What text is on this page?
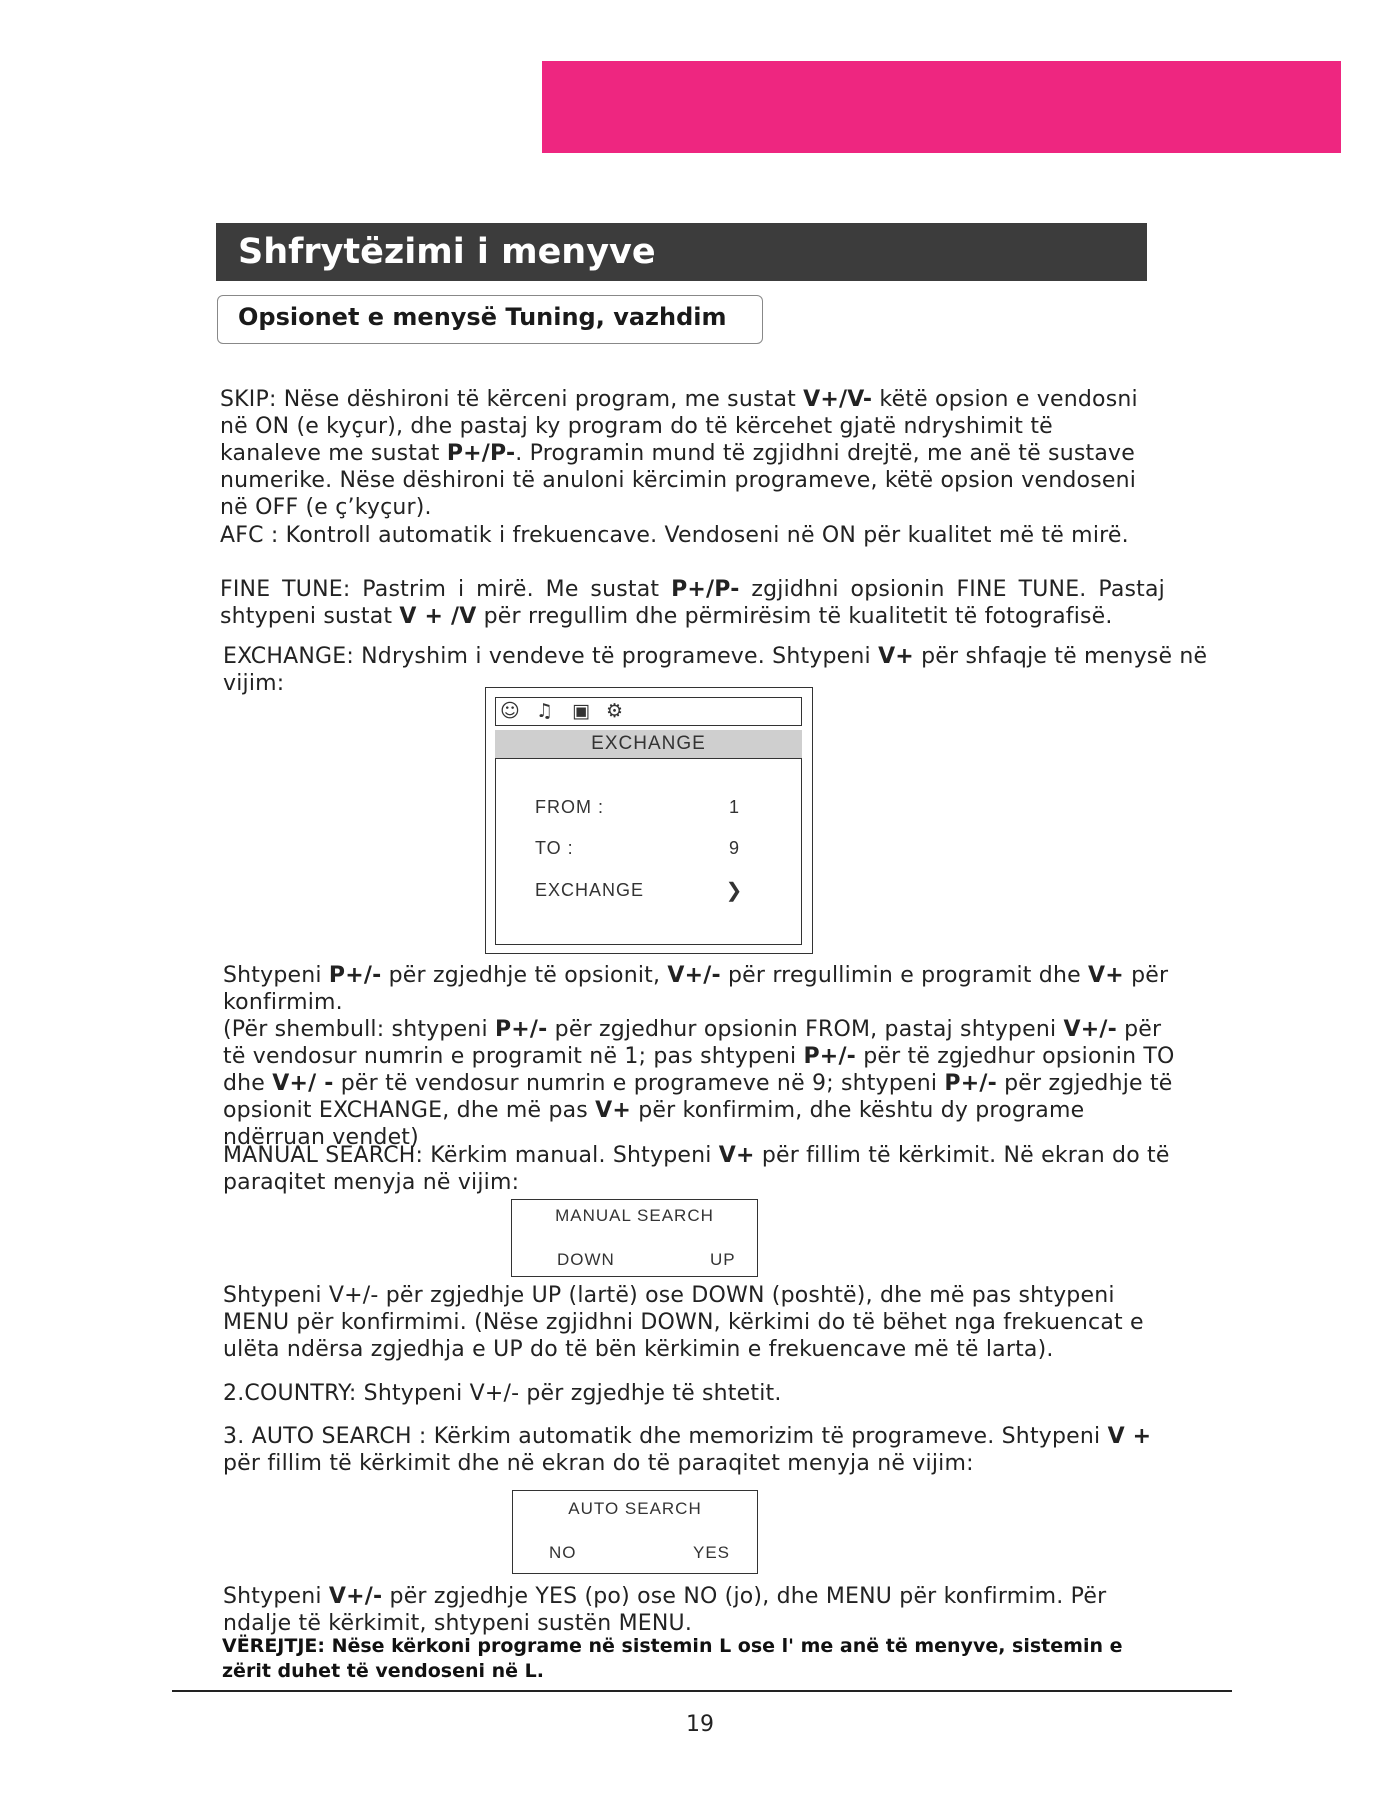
Shfrytëzimi i menyve
Opsionet e menysë Tuning, vazhdim

SKIP: Nëse dëshironi të kërceni program, me sustat V+/V- këtë opsion e vendosni në ON (e kyçur), dhe pastaj ky program do të kërcehet gjatë ndryshimit të kanaleve me sustat P+/P-. Programin mund të zgjidhni drejtë, me anë të sustave numerike. Nëse dëshironi të anuloni kërcimin programeve, këtë opsion vendoseni në OFF (e ç’kyçur).

AFC : Kontroll automatik i frekuencave. Vendoseni në ON për kualitet më të mirë.

FINE TUNE: Pastrim i mirë. Me sustat P+/P- zgjidhni opsionin FINE TUNE. Pastaj shtypeni sustat V + /V për rregullim dhe përmirësim të kualitetit të fotografisë.

EXCHANGE: Ndryshim i vendeve të programeve. Shtypeni V+ për shfaqje të menysë në vijim:

☺ ♫ ▣ ⚙
EXCHANGE
FROM :	1
TO :	9
EXCHANGE	❯

Shtypeni P+/- për zgjedhje të opsionit, V+/- për rregullimin e programit dhe V+ për konfirmim.
(Për shembull: shtypeni P+/- për zgjedhur opsionin FROM, pastaj shtypeni V+/- për të vendosur numrin e programit në 1; pas shtypeni P+/- për të zgjedhur opsionin TO dhe V+/ - për të vendosur numrin e programeve në 9; shtypeni P+/- për zgjedhje të opsionit EXCHANGE, dhe më pas V+ për konfirmim, dhe kështu dy programe ndërruan vendet)

MANUAL SEARCH: Kërkim manual. Shtypeni V+ për fillim të kërkimit. Në ekran do të paraqitet menyja në vijim:

MANUAL SEARCH
DOWN	UP

Shtypeni V+/- për zgjedhje UP (lartë) ose DOWN (poshtë), dhe më pas shtypeni MENU për konfirmimi. (Nëse zgjidhni DOWN, kërkimi do të bëhet nga frekuencat e ulëta ndërsa zgjedhja e UP do të bën kërkimin e frekuencave më të larta).

2.COUNTRY: Shtypeni V+/- për zgjedhje të shtetit.

3. AUTO SEARCH : Kërkim automatik dhe memorizim të programeve. Shtypeni V + për fillim të kërkimit dhe në ekran do të paraqitet menyja në vijim:

AUTO SEARCH
NO	YES

Shtypeni V+/- për zgjedhje YES (po) ose NO (jo), dhe MENU për konfirmim. Për ndalje të kërkimit, shtypeni sustën MENU.

VËREJTJE: Nëse kërkoni programe në sistemin L ose l' me anë të menyve, sistemin e zërit duhet të vendoseni në L.
19
